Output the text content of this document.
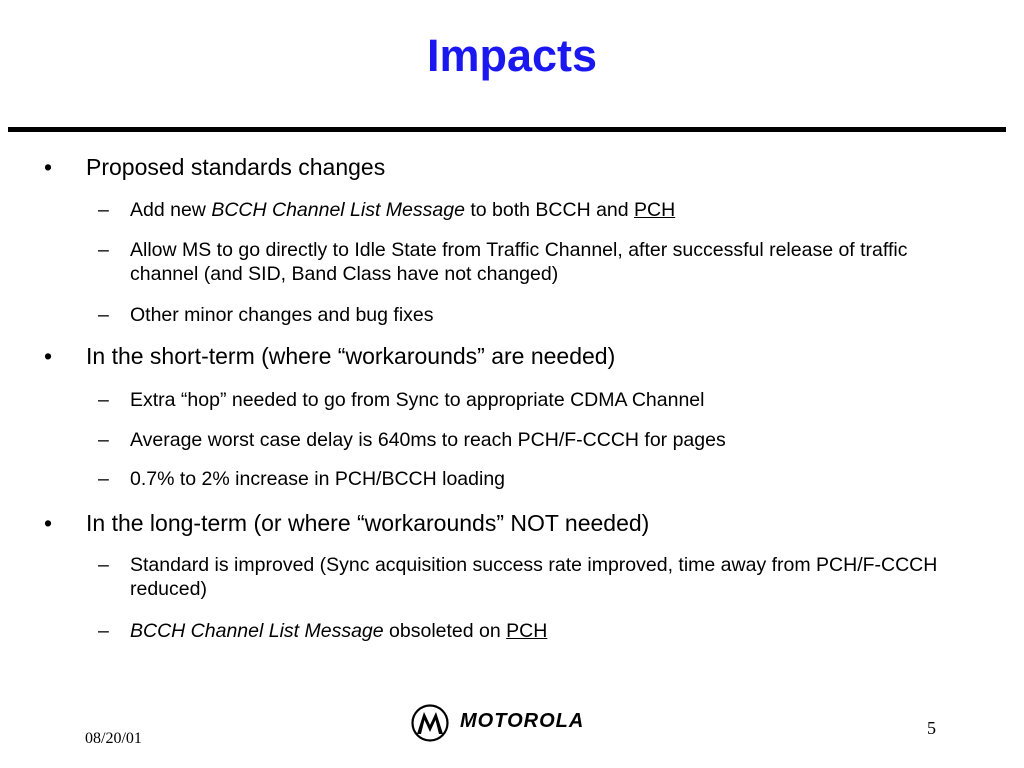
Impacts
• Proposed standards changes
– Add new BCCH Channel List Message to both BCCH and PCH
– Allow MS to go directly to Idle State from Traffic Channel, after successful release of traffic channel (and SID, Band Class have not changed)
– Other minor changes and bug fixes
• In the short-term (where “workarounds” are needed)
– Extra “hop” needed to go from Sync to appropriate CDMA Channel
– Average worst case delay is 640ms to reach PCH/F-CCCH for pages
– 0.7% to 2% increase in PCH/BCCH loading
• In the long-term (or where “workarounds” NOT needed)
– Standard is improved (Sync acquisition success rate improved, time away from PCH/F-CCCH reduced)
– BCCH Channel List Message obsoleted on PCH
08/20/01
MOTOROLA	5
